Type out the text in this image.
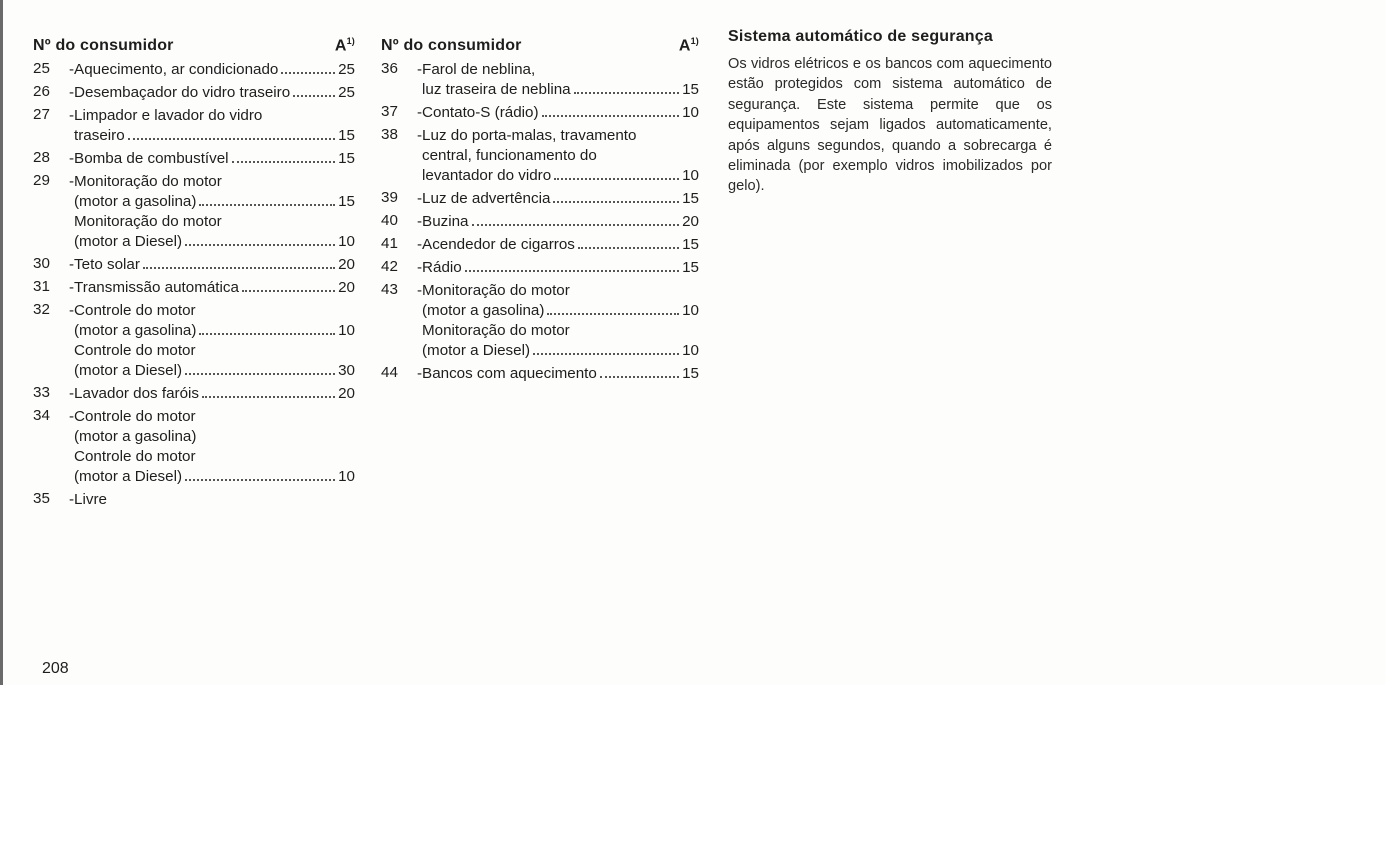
Nº do consumidor	$A^{1)}$
25	-Aquecimento, ar condicionado	25
26	-Desembaçador do vidro traseiro	25
27	-Limpador e lavador do vidro
traseiro	15
28	-Bomba de combustível	15
29	-Monitoração do motor
(motor a gasolina)	15
Monitoração do motor
(motor a Diesel)	10
30	-Teto solar	20
31	-Transmissão automática	20
32	-Controle do motor
(motor a gasolina)	10
Controle do motor
(motor a Diesel)	30
33	-Lavador dos faróis	20
34	-Controle do motor
(motor a gasolina)
Controle do motor
(motor a Diesel)	10
35	-Livre
Nº do consumidor	$A^{1)}$
36	-Farol de neblina,
luz traseira de neblina	15
37	-Contato-S (rádio)	10
38	-Luz do porta-malas, travamento
central, funcionamento do
levantador do vidro	10
39	-Luz de advertência	15
40	-Buzina	20
41	-Acendedor de cigarros	15
42	-Rádio	15
43	-Monitoração do motor
(motor a gasolina)	10
Monitoração do motor
(motor a Diesel)	10
44	-Bancos com aquecimento	15
Sistema automático de segurança

Os vidros elétricos e os bancos com aquecimento estão protegidos com sistema automático de segurança. Este sistema permite que os equipamentos sejam ligados automaticamente, após alguns segundos, quando a sobrecarga é eliminada (por exemplo vidros imobilizados por gelo).

208
